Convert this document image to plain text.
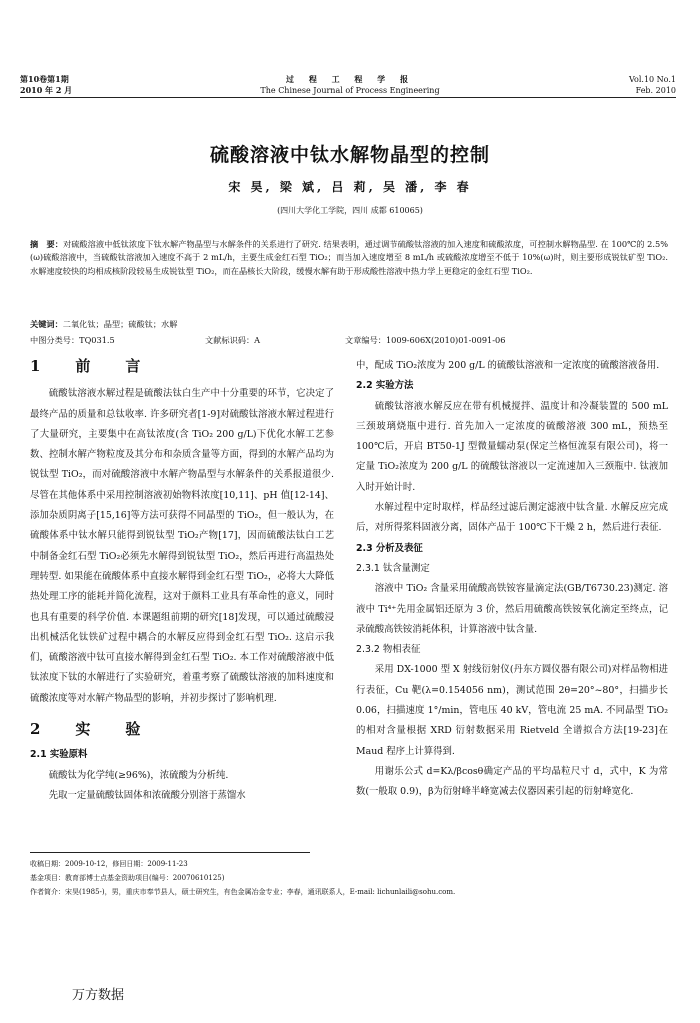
第10卷第1期
2010 年 2 月
过 程 工 程 学 报
The Chinese Journal of Process Engineering
Vol.10 No.1
Feb. 2010
硫酸溶液中钛水解物晶型的控制
宋 昊, 梁 斌, 吕 莉, 吴 潘, 李 春
(四川大学化工学院，四川 成都 610065)
摘　要：对硫酸溶液中低钛浓度下钛水解产物晶型与水解条件的关系进行了研究. 结果表明，通过调节硫酸钛溶液的加入速度和硫酸浓度，可控制水解物晶型. 在 100℃的 2.5%(ω)硫酸溶液中，当硫酸钛溶液加入速度不高于 2 mL/h，主要生成金红石型 TiO₂；而当加入速度增至 8 mL/h 或硫酸浓度增至不低于 10%(ω)时，则主要形成锐钛矿型 TiO₂. 水解速度较快的均相成核阶段较易生成锐钛型 TiO₂，而在晶核长大阶段，缓慢水解有助于形成酸性溶液中热力学上更稳定的金红石型 TiO₂.
关键词：二氧化钛；晶型；硫酸钛；水解
中图分类号：TQ031.5	文献标识码：A	文章编号：1009-606X(2010)01-0091-06
1　前　言

硫酸钛溶液水解过程是硫酸法钛白生产中十分重要的环节，它决定了最终产品的质量和总钛收率. 许多研究者[1-9]对硫酸钛溶液水解过程进行了大量研究，主要集中在高钛浓度(含 TiO₂ 200 g/L)下优化水解工艺参数、控制水解产物粒度及其分布和杂质含量等方面，得到的水解产品均为锐钛型 TiO₂，而对硫酸溶液中水解产物晶型与水解条件的关系报道很少. 尽管在其他体系中采用控制溶液初始物料浓度[10,11]、pH 值[12-14]、添加杂质阴离子[15,16]等方法可获得不同晶型的 TiO₂，但一般认为，在硫酸体系中钛水解只能得到锐钛型 TiO₂产物[17]，因而硫酸法钛白工艺中制备金红石型 TiO₂必须先水解得到锐钛型 TiO₂，然后再进行高温热处理转型. 如果能在硫酸体系中直接水解得到金红石型 TiO₂，必将大大降低热处理工序的能耗并简化流程，这对于颜料工业具有革命性的意义，同时也具有重要的科学价值. 本课题组前期的研究[18]发现，可以通过硫酸浸出机械活化钛铁矿过程中耦合的水解反应得到金红石型 TiO₂. 这启示我们，硫酸溶液中钛可直接水解得到金红石型 TiO₂. 本工作对硫酸溶液中低钛浓度下钛的水解进行了实验研究，着重考察了硫酸钛溶液的加料速度和硫酸浓度等对水解产物晶型的影响，并初步探讨了影响机理.

2　实　验
2.1 实验原料

硫酸钛为化学纯(≥96%)，浓硫酸为分析纯.

先取一定量硫酸钛固体和浓硫酸分别溶于蒸馏水

中，配成 TiO₂浓度为 200 g/L 的硫酸钛溶液和一定浓度的硫酸溶液备用.
2.2 实验方法

硫酸钛溶液水解反应在带有机械搅拌、温度计和冷凝装置的 500 mL 三颈玻璃烧瓶中进行. 首先加入一定浓度的硫酸溶液 300 mL，预热至 100℃后，开启 BT50-1J 型微量蠕动泵(保定兰格恒流泵有限公司)，将一定量 TiO₂浓度为 200 g/L 的硫酸钛溶液以一定流速加入三颈瓶中. 钛液加入时开始计时.

水解过程中定时取样，样品经过滤后测定滤液中钛含量. 水解反应完成后，对所得浆料固液分离，固体产品于 100℃下干燥 2 h，然后进行表征.

2.3 分析及表征
2.3.1 钛含量测定

溶液中 TiO₂ 含量采用硫酸高铁铵容量滴定法(GB/T6730.23)测定. 溶液中 Ti⁴⁺先用金属铝还原为 3 价，然后用硫酸高铁铵氧化滴定至终点，记录硫酸高铁铵消耗体积，计算溶液中钛含量.

2.3.2 物相表征

采用 DX-1000 型 X 射线衍射仪(丹东方圆仪器有限公司)对样品物相进行表征，Cu 靶(λ=0.154056 nm)，测试范围 2θ=20°~80°，扫描步长 0.06，扫描速度 1°/min，管电压 40 kV，管电流 25 mA. 不同晶型 TiO₂ 的相对含量根据 XRD 衍射数据采用 Rietveld 全谱拟合方法[19-23]在 Maud 程序上计算得到.

用谢乐公式 d=Kλ/βcosθ确定产品的平均晶粒尺寸 d，式中，K 为常数(一般取 0.9)，β为衍射峰半峰宽减去仪器因素引起的衍射峰宽化.

收稿日期：2009-10-12，修回日期：2009-11-23
基金项目：教育部博士点基金资助项目(编号：20070610125)
作者简介：宋昊(1985-)，男，重庆市奉节县人，硕士研究生，有色金属冶金专业；李春，通讯联系人，E-mail: lichunlaili@sohu.com.
万方数据
